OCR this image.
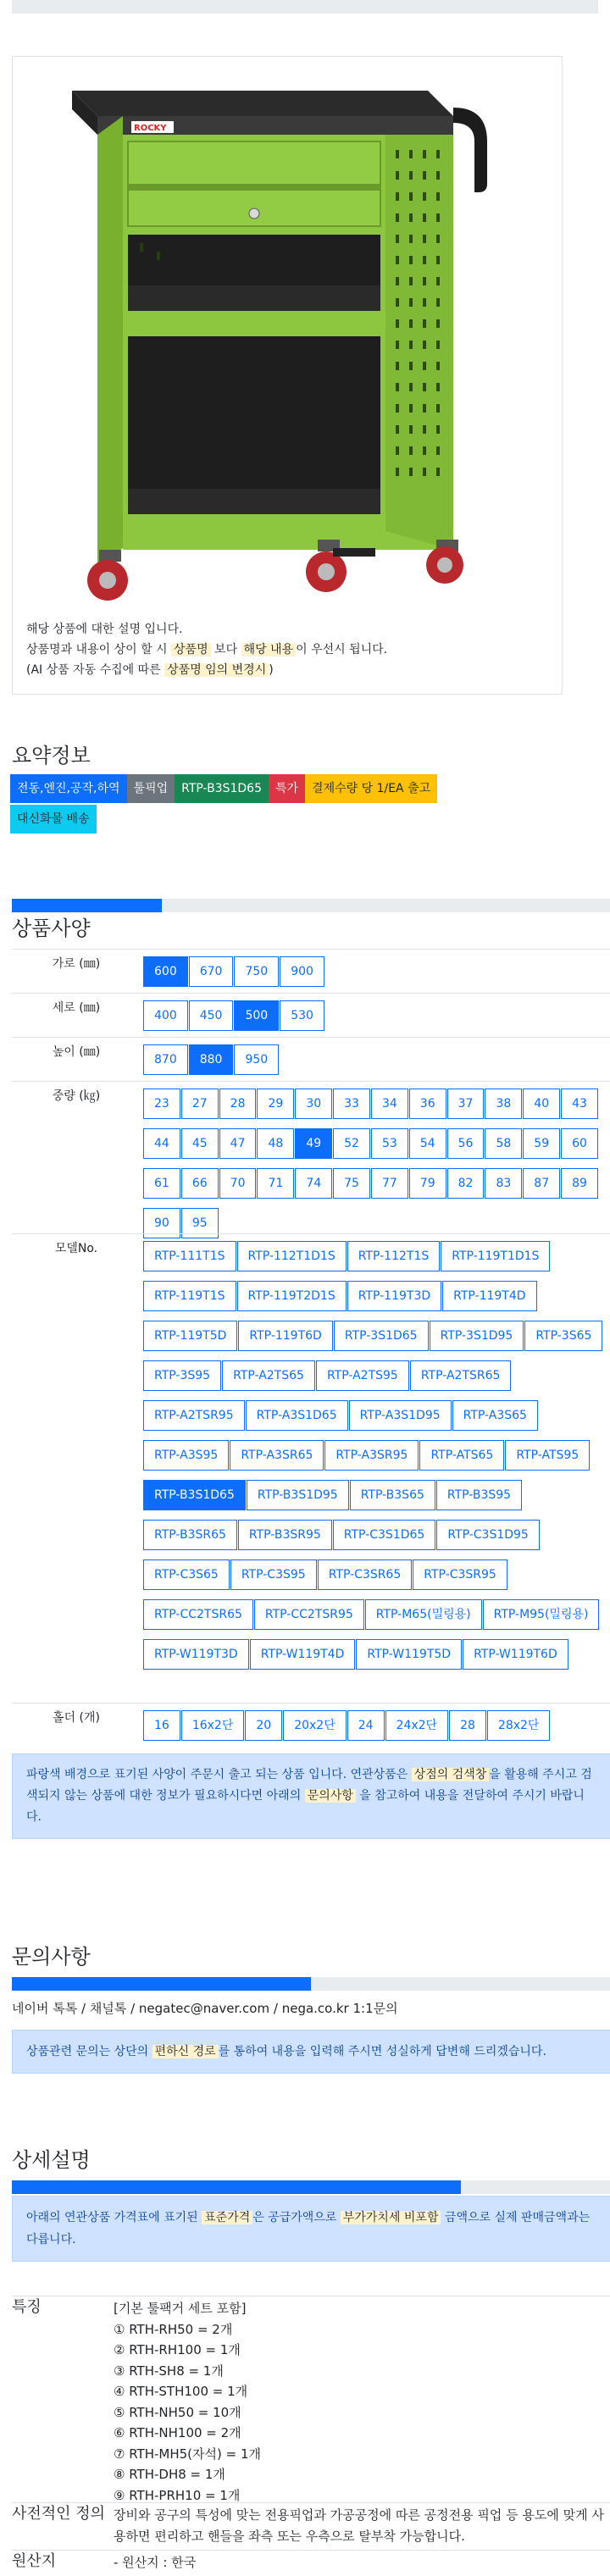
ROCKY

해당 상품에 대한 설명 입니다.

상품명과 내용이 상이 할 시 상품명 보다 해당 내용 이 우선시 됩니다.

(AI 상품 자동 수집에 따른 상품명 임의 변경시 )

요약정보
전동,엔진,공작,하역	툴픽업	RTP-B3S1D65	특가	결제수량 당 1/EA 출고
대신화물 배송
상품사양
가로 (㎜)
600	670	750	900
세로 (㎜)
400	450	500	530
높이 (㎜)
870	880	950
중량 (㎏)
23	27	28	29	30	33	34	36	37	38	40	43
44	45	47	48	49	52	53	54	56	58	59	60
61	66	70	71	74	75	77	79	82	83	87	89
90	95
모델No.
RTP-111T1S	RTP-112T1D1S	RTP-112T1S	RTP-119T1D1S
RTP-119T1S	RTP-119T2D1S	RTP-119T3D	RTP-119T4D
RTP-119T5D	RTP-119T6D	RTP-3S1D65	RTP-3S1D95	RTP-3S65
RTP-3S95	RTP-A2TS65	RTP-A2TS95	RTP-A2TSR65
RTP-A2TSR95	RTP-A3S1D65	RTP-A3S1D95	RTP-A3S65
RTP-A3S95	RTP-A3SR65	RTP-A3SR95	RTP-ATS65	RTP-ATS95
RTP-B3S1D65	RTP-B3S1D95	RTP-B3S65	RTP-B3S95
RTP-B3SR65	RTP-B3SR95	RTP-C3S1D65	RTP-C3S1D95
RTP-C3S65	RTP-C3S95	RTP-C3SR65	RTP-C3SR95
RTP-CC2TSR65	RTP-CC2TSR95	RTP-M65(밀링용)	RTP-M95(밀링용)
RTP-W119T3D	RTP-W119T4D	RTP-W119T5D	RTP-W119T6D
홀더 (개)
16	16x2단	20	20x2단	24	24x2단	28	28x2단
파랑색 배경으로 표기된 사양이 주문시 출고 되는 상품 입니다. 연관상품은 상점의 검색창 을 활용해 주시고 검색되지 않는 상품에 대한 정보가 필요하시다면 아래의 문의사항 을 참고하여 내용을 전달하여 주시기 바랍니다.
문의사항
네이버 톡톡 / 채널톡 / negatec@naver.com / nega.co.kr 1:1문의
상품관련 문의는 상단의 편하신 경로 를 통하여 내용을 입력해 주시면 성실하게 답변해 드리겠습니다.
상세설명
아래의 연관상품 가격표에 표기된 표준가격 은 공급가액으로 부가가치세 비포함 금액으로 실제 판매금액과는 다릅니다.
특징	[기본 툴팩거 세트 포함]
① RTH-RH50 = 2개
② RTH-RH100 = 1개
③ RTH-SH8 = 1개
④ RTH-STH100 = 1개
⑤ RTH-NH50 = 10개
⑥ RTH-NH100 = 2개
⑦ RTH-MH5(자석) = 1개
⑧ RTH-DH8 = 1개
⑨ RTH-PRH10 = 1개
사전적인 정의 장비와 공구의 특성에 맞는 전용픽업과 가공공정에 따른 공정전용 픽업 등 용도에 맞게 사용하면 편리하고 핸들을 좌측 또는 우측으로 탈부착 가능합니다.
원산지	- 원산지 : 한국
